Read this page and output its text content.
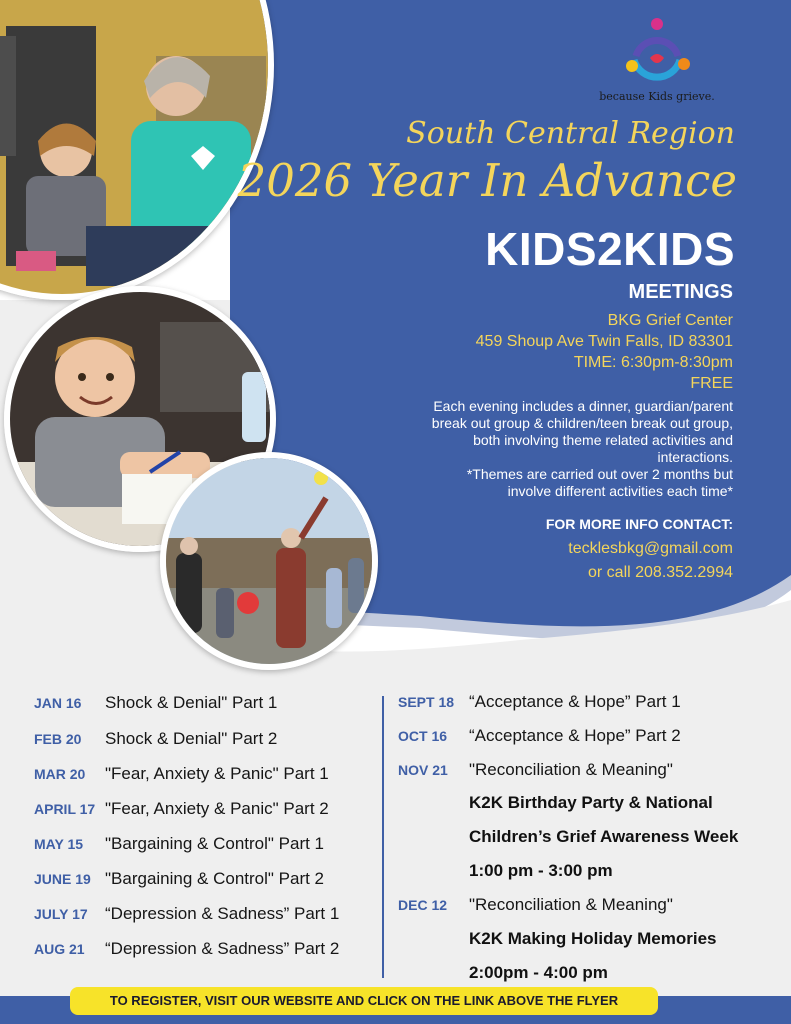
because Kids grieve.
South Central Region
2026 Year In Advance
KIDS2KIDS
MEETINGS
BKG Grief Center
459 Shoup Ave Twin Falls, ID 83301
TIME: 6:30pm-8:30pm
FREE
Each evening includes a dinner, guardian/parent
break out group & children/teen break out group,
both involving theme related activities and
interactions.
*Themes are carried out over 2 months but
involve different activities each time*
FOR MORE INFO CONTACT:
tecklesbkg@gmail.com
or call 208.352.2994
JAN 16 Shock & Denial" Part 1
FEB 20 Shock & Denial" Part 2
MAR 20 "Fear, Anxiety & Panic" Part 1
APRIL 17 "Fear, Anxiety & Panic" Part 2
MAY 15 "Bargaining & Control" Part 1
JUNE 19 "Bargaining & Control" Part 2
JULY 17 “Depression & Sadness” Part 1
AUG 21 “Depression & Sadness” Part 2
SEPT 18 “Acceptance & Hope” Part 1
OCT 16 “Acceptance & Hope” Part 2
NOV 21 "Reconciliation & Meaning"
K2K Birthday Party & National
Children’s Grief Awareness Week
1:00 pm - 3:00 pm
DEC 12 "Reconciliation & Meaning"
K2K Making Holiday Memories
2:00pm - 4:00 pm
TO REGISTER, VISIT OUR WEBSITE AND CLICK ON THE LINK ABOVE THE FLYER
